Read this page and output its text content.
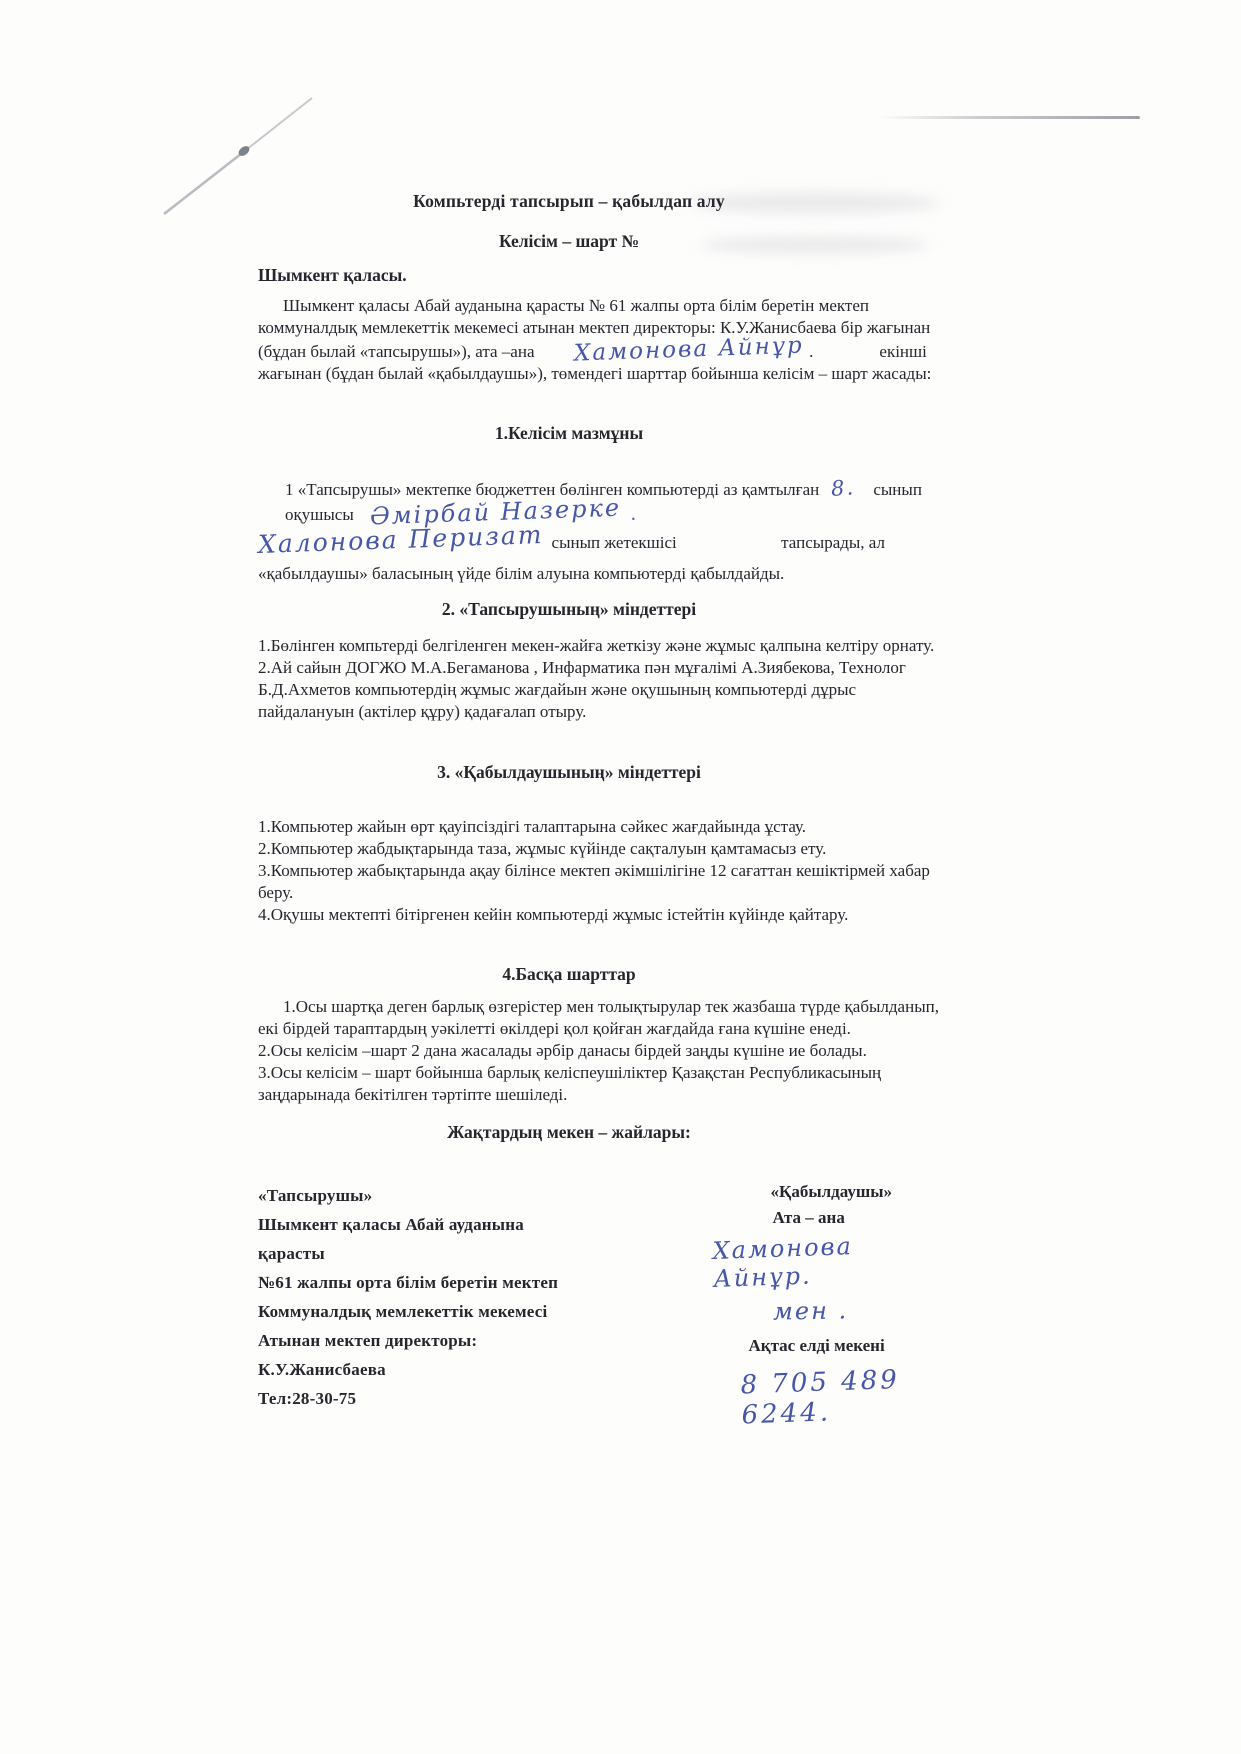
Компьтерді тапсырып – қабылдап алу
Келісім – шарт №
Шымкент қаласы.

Шымкент қаласы Абай ауданына қарасты № 61 жалпы орта білім беретін мектеп коммуналдық мемлекеттік мекемесі атынан мектеп директоры: К.У.Жанисбаева бір жағынан (бұдан былай «тапсырушы»), ата –ана Хамонова Айнұр .	екінші жағынан (бұдан былай «қабылдаушы»), төмендегі шарттар бойынша келісім – шарт жасады:

1.Келісім мазмұны
1 «Тапсырушы» мектепке бюджеттен бөлінген компьютерді аз қамтылған 8. сынып
оқушысы Әмірбай Назерке .
Халонова Перизат сынып жетекшісі	тапсырады, ал
«қабылдаушы» баласының үйде білім алуына компьютерді қабылдайды.
2. «Тапсырушының» міндеттері

1.Бөлінген компьтерді белгіленген мекен-жайға жеткізу және жұмыс қалпына келтіру орнату.

2.Ай сайын ДОГЖО М.А.Бегаманова , Инфарматика пән мұғалімі А.Зиябекова, Технолог Б.Д.Ахметов компьютердің жұмыс жағдайын және оқушының компьютерді дұрыс пайдалануын (актілер құру) қадағалап отыру.

3. «Қабылдаушының» міндеттері

1.Компьютер жайын өрт қауіпсіздігі талаптарына сәйкес жағдайында ұстау.

2.Компьютер жабдықтарында таза, жұмыс күйінде сақталуын қамтамасыз ету.

3.Компьютер жабықтарында ақау білінсе мектеп әкімшілігіне 12 сағаттан кешіктірмей хабар беру.

4.Оқушы мектепті бітіргенен кейін компьютерді жұмыс істейтін күйінде қайтару.

4.Басқа шарттар

1.Осы шартқа деген барлық өзгерістер мен толықтырулар тек жазбаша түрде қабылданып, екі бірдей тараптардың уәкілетті өкілдері қол қойған жағдайда ғана күшіне енеді.

2.Осы келісім –шарт 2 дана жасалады әрбір данасы бірдей заңды күшіне ие болады.

3.Осы келісім – шарт бойынша барлық келіспеушіліктер Қазақстан Республикасының заңдарынада бекітілген тәртіпте шешіледі.

Жақтардың мекен – жайлары:
«Тапсырушы»
Шымкент қаласы Абай ауданына қарасты
№61 жалпы орта білім беретін мектеп
Коммуналдық мемлекеттік мекемесі
Атынан мектеп директоры:
К.У.Жанисбаева
Тел:28-30-75
«Қабылдаушы»
Ата – ана
Хамонова Айнұр. мен .
Ақтас елді мекені
8 705 489 6244.
